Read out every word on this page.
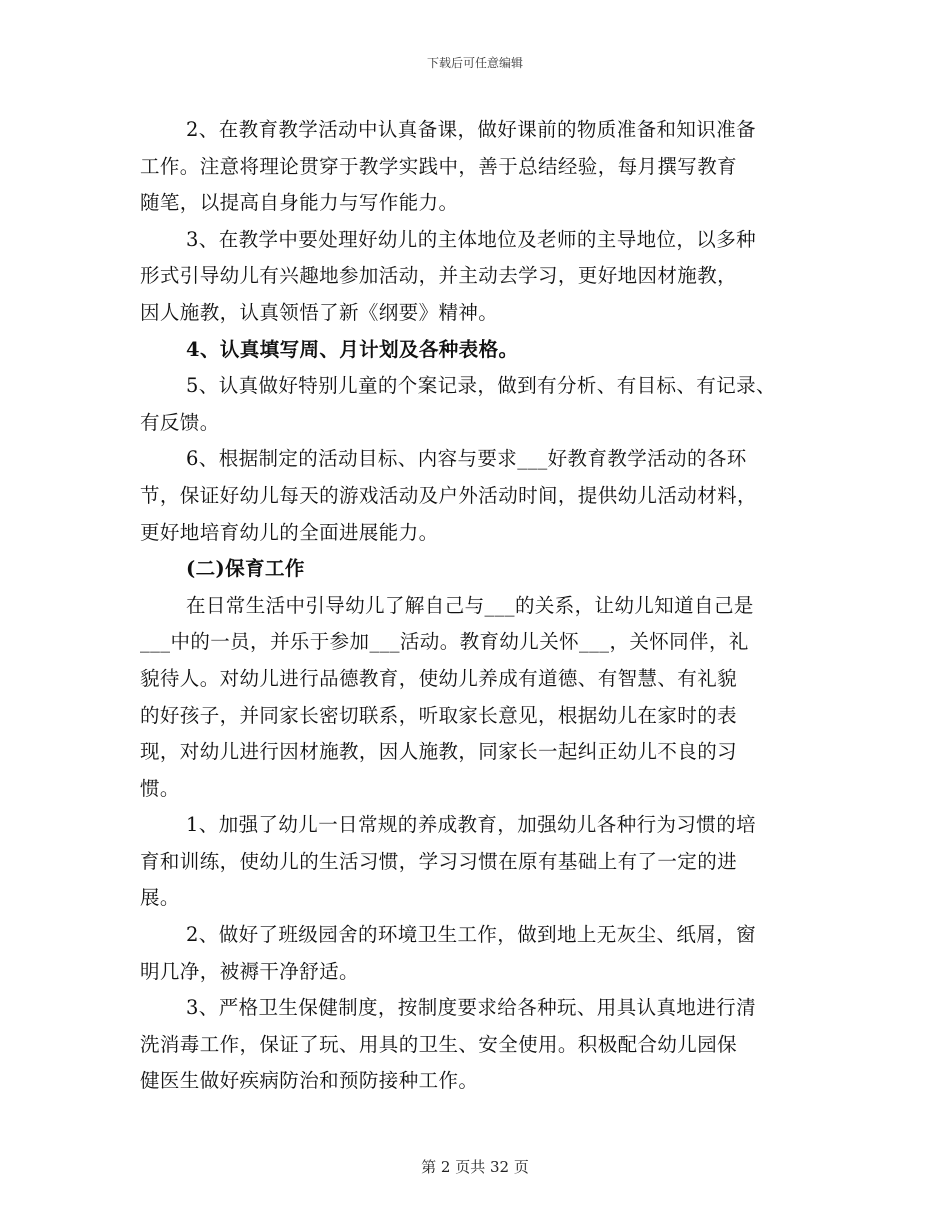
下载后可任意编辑
2、在教育教学活动中认真备课，做好课前的物质准备和知识准备
工作。注意将理论贯穿于教学实践中，善于总结经验，每月撰写教育
随笔，以提高自身能力与写作能力。
3、在教学中要处理好幼儿的主体地位及老师的主导地位，以多种
形式引导幼儿有兴趣地参加活动，并主动去学习，更好地因材施教，
因人施教，认真领悟了新《纲要》精神。
4、认真填写周、月计划及各种表格。
5、认真做好特别儿童的个案记录，做到有分析、有目标、有记录、
有反馈。
6、根据制定的活动目标、内容与要求___好教育教学活动的各环
节，保证好幼儿每天的游戏活动及户外活动时间，提供幼儿活动材料，
更好地培育幼儿的全面进展能力。
(二)保育工作
在日常生活中引导幼儿了解自己与___的关系，让幼儿知道自己是
___中的一员，并乐于参加___活动。教育幼儿关怀___，关怀同伴，礼
貌待人。对幼儿进行品德教育，使幼儿养成有道德、有智慧、有礼貌
的好孩子，并同家长密切联系，听取家长意见，根据幼儿在家时的表
现，对幼儿进行因材施教，因人施教，同家长一起纠正幼儿不良的习
惯。
1、加强了幼儿一日常规的养成教育，加强幼儿各种行为习惯的培
育和训练，使幼儿的生活习惯，学习习惯在原有基础上有了一定的进
展。
2、做好了班级园舍的环境卫生工作，做到地上无灰尘、纸屑，窗
明几净，被褥干净舒适。
3、严格卫生保健制度，按制度要求给各种玩、用具认真地进行清
洗消毒工作，保证了玩、用具的卫生、安全使用。积极配合幼儿园保
健医生做好疾病防治和预防接种工作。
第 2 页共 32 页
